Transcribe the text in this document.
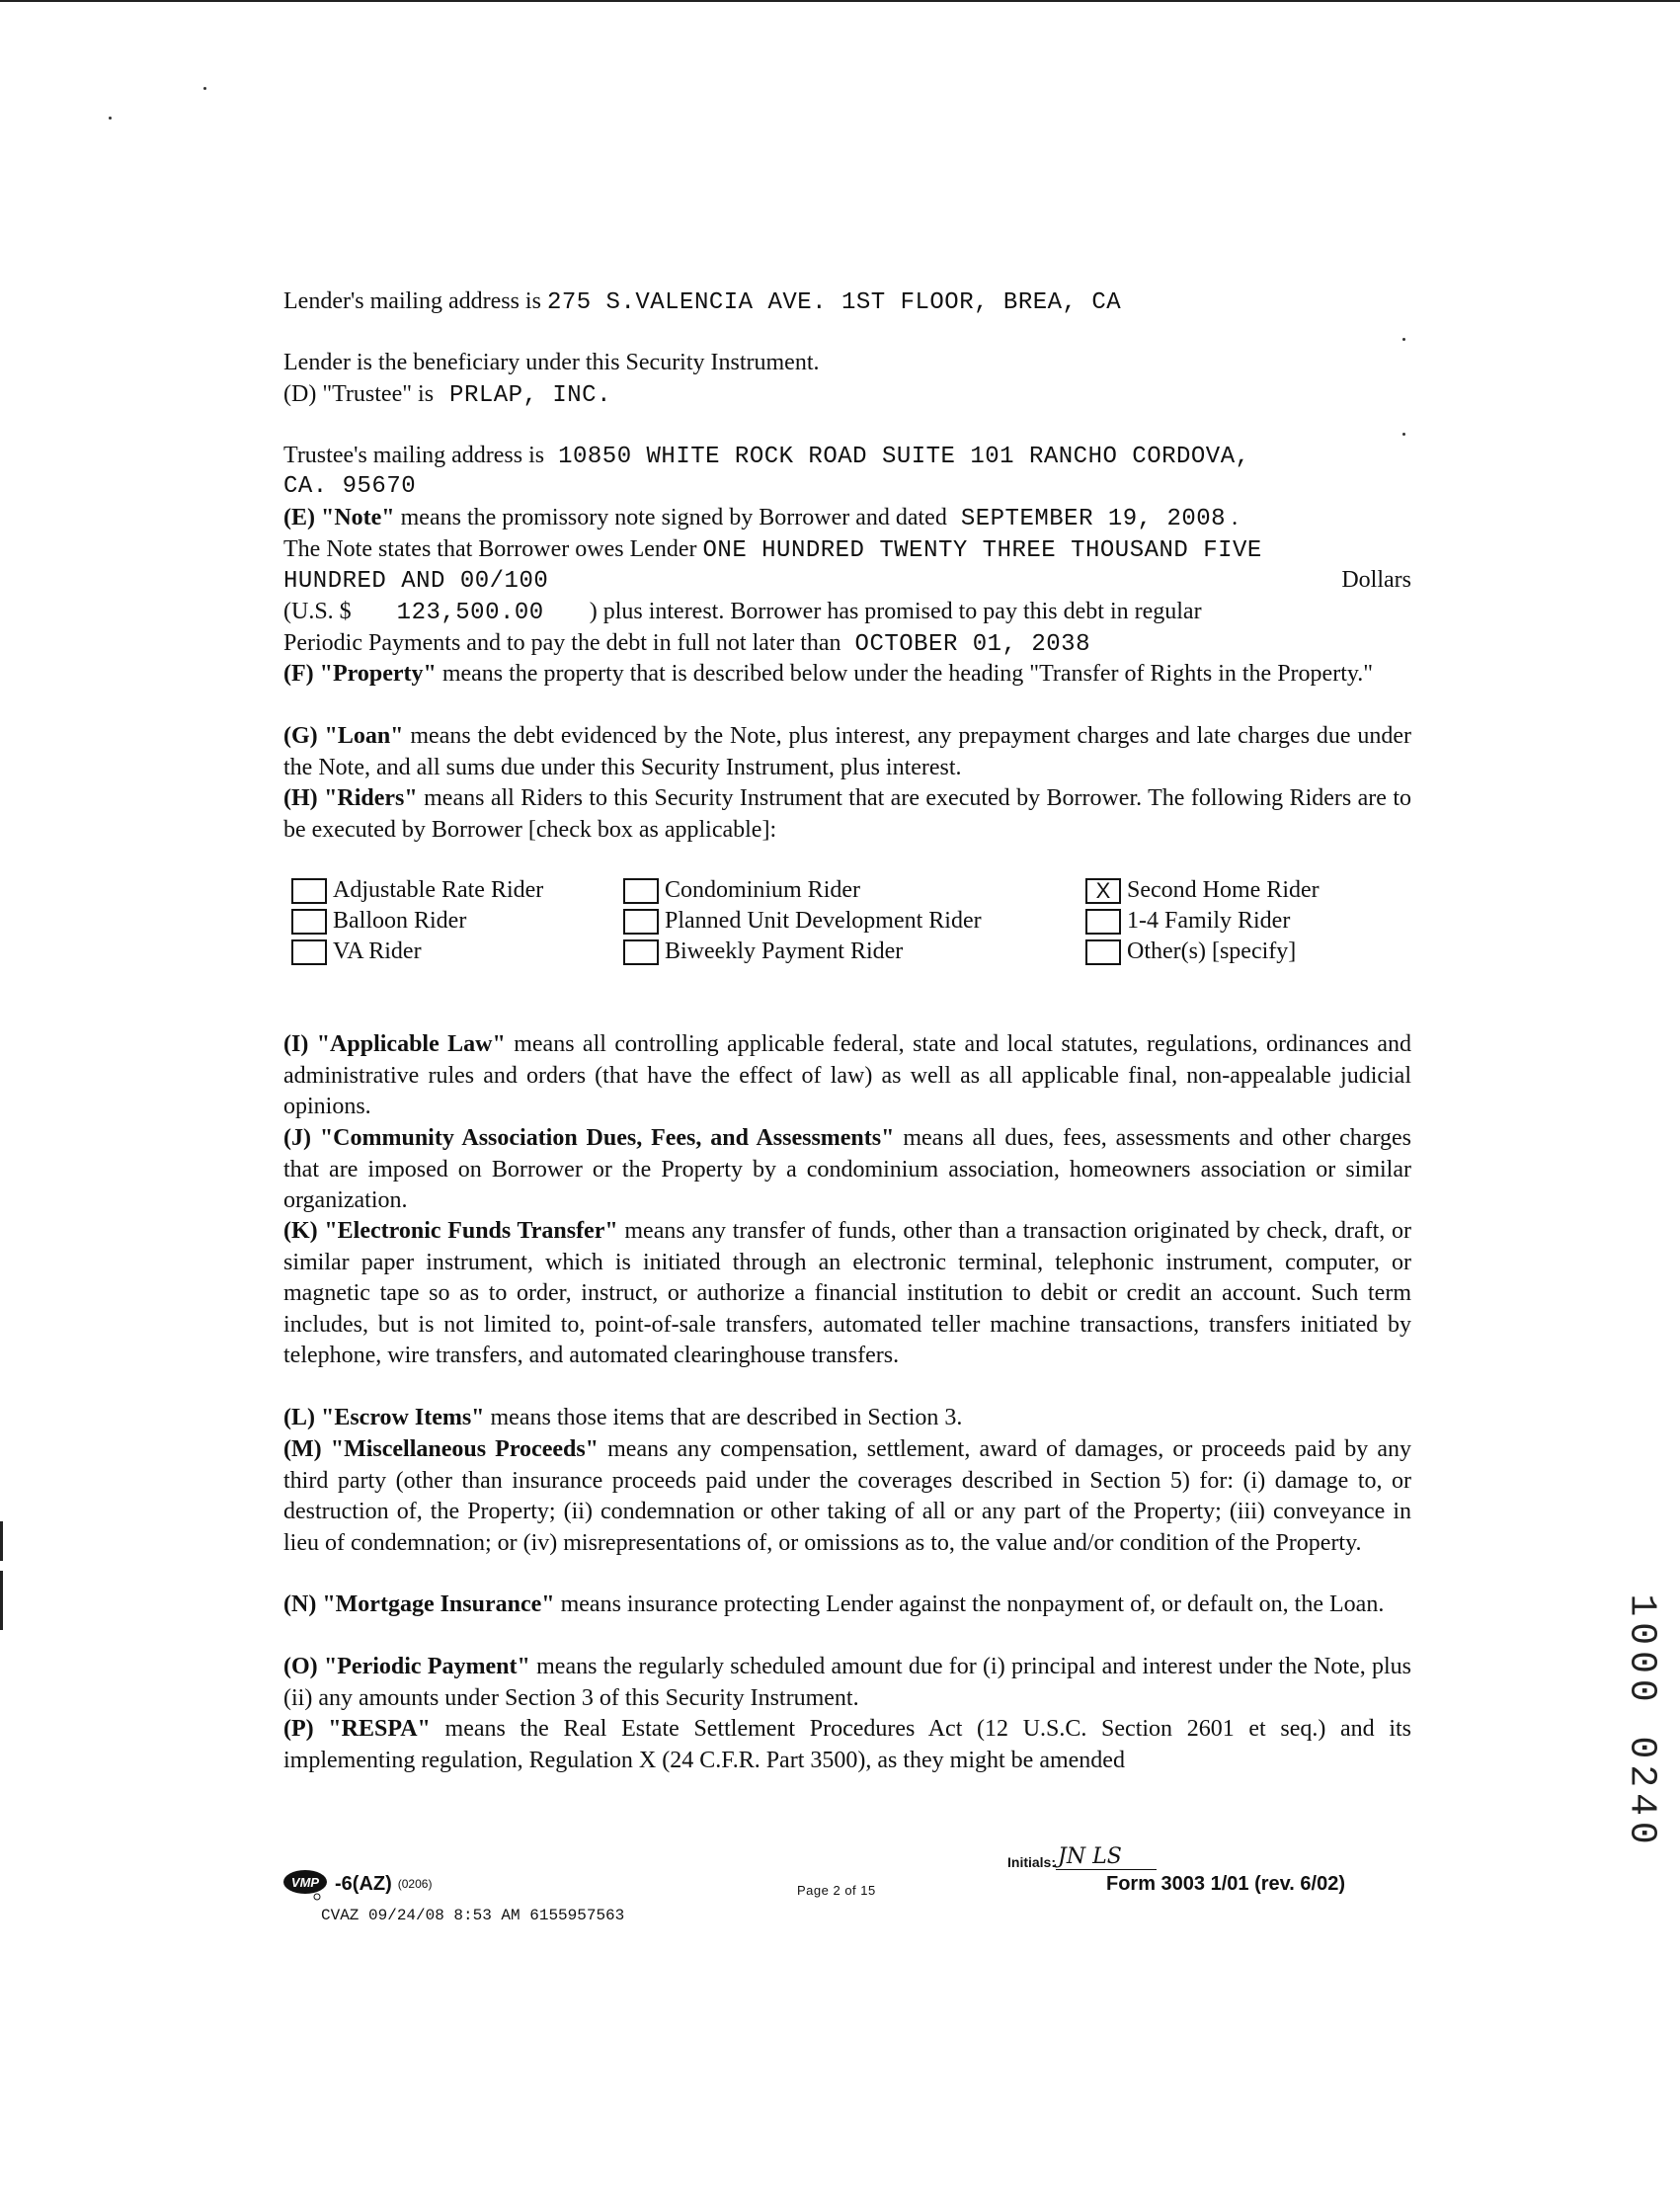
Lender's mailing address is 275 S.VALENCIA AVE. 1ST FLOOR, BREA, CA
Lender is the beneficiary under this Security Instrument.
(D) "Trustee" is PRLAP, INC.
Trustee's mailing address is 10850 WHITE ROCK ROAD SUITE 101 RANCHO CORDOVA,
CA. 95670
(E) "Note" means the promissory note signed by Borrower and dated SEPTEMBER 19, 2008 .
The Note states that Borrower owes Lender ONE HUNDRED TWENTY THREE THOUSAND FIVE
HUNDRED AND 00/100	Dollars
(U.S. $ 123,500.00 ) plus interest. Borrower has promised to pay this debt in regular
Periodic Payments and to pay the debt in full not later than OCTOBER 01, 2038
(F) "Property" means the property that is described below under the heading "Transfer of Rights in the Property."
(G) "Loan" means the debt evidenced by the Note, plus interest, any prepayment charges and late charges due under the Note, and all sums due under this Security Instrument, plus interest.
(H) "Riders" means all Riders to this Security Instrument that are executed by Borrower. The following Riders are to be executed by Borrower [check box as applicable]:
Adjustable Rate Rider	Condominium Rider	X Second Home Rider
Balloon Rider	Planned Unit Development Rider	1-4 Family Rider
VA Rider	Biweekly Payment Rider	Other(s) [specify]
(I) "Applicable Law" means all controlling applicable federal, state and local statutes, regulations, ordinances and administrative rules and orders (that have the effect of law) as well as all applicable final, non-appealable judicial opinions.
(J) "Community Association Dues, Fees, and Assessments" means all dues, fees, assessments and other charges that are imposed on Borrower or the Property by a condominium association, homeowners association or similar organization.
(K) "Electronic Funds Transfer" means any transfer of funds, other than a transaction originated by check, draft, or similar paper instrument, which is initiated through an electronic terminal, telephonic instrument, computer, or magnetic tape so as to order, instruct, or authorize a financial institution to debit or credit an account. Such term includes, but is not limited to, point-of-sale transfers, automated teller machine transactions, transfers initiated by telephone, wire transfers, and automated clearinghouse transfers.
(L) "Escrow Items" means those items that are described in Section 3.
(M) "Miscellaneous Proceeds" means any compensation, settlement, award of damages, or proceeds paid by any third party (other than insurance proceeds paid under the coverages described in Section 5) for: (i) damage to, or destruction of, the Property; (ii) condemnation or other taking of all or any part of the Property; (iii) conveyance in lieu of condemnation; or (iv) misrepresentations of, or omissions as to, the value and/or condition of the Property.
(N) "Mortgage Insurance" means insurance protecting Lender against the nonpayment of, or default on, the Loan.
(O) "Periodic Payment" means the regularly scheduled amount due for (i) principal and interest under the Note, plus (ii) any amounts under Section 3 of this Security Instrument.
(P) "RESPA" means the Real Estate Settlement Procedures Act (12 U.S.C. Section 2601 et seq.) and its implementing regulation, Regulation X (24 C.F.R. Part 3500), as they might be amended	1000 0240
VMP -6(AZ) (0206)
CVAZ 09/24/08 8:53 AM 6155957563
Page 2 of 15
Initials: JN LS
Form 3003 1/01 (rev. 6/02)
